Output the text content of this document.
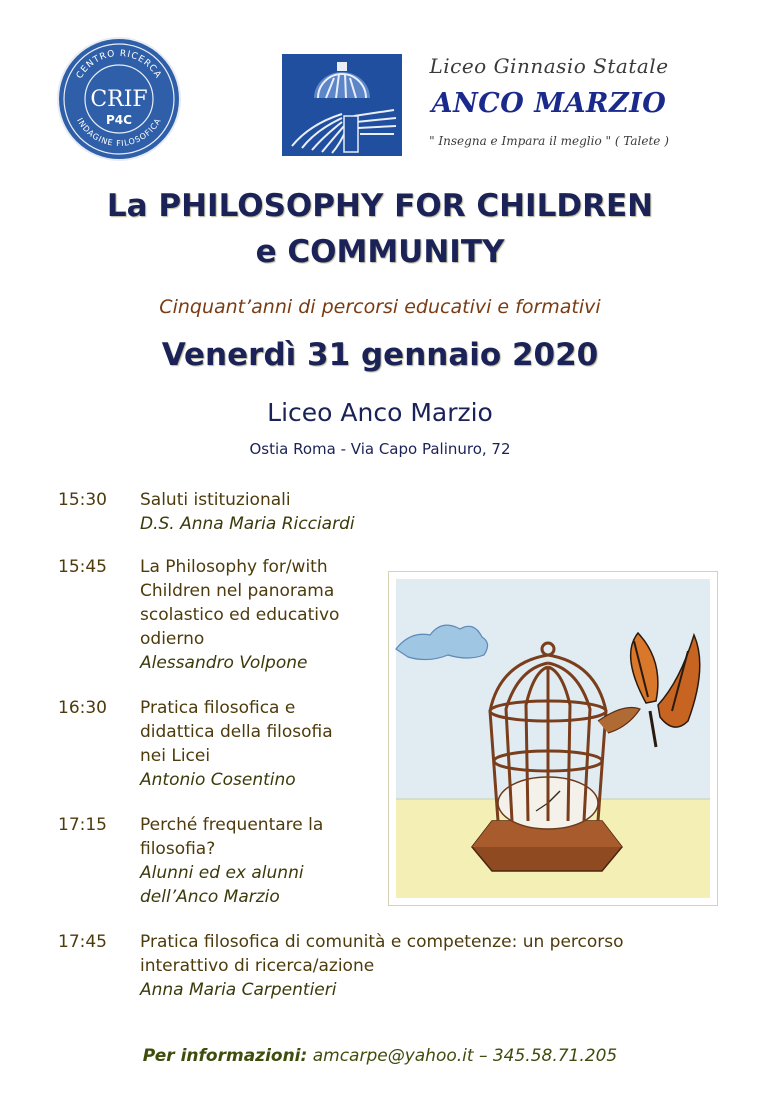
CENTRO RICERCA
INDAGINE FILOSOFICA
CRIF
P4C
Liceo Ginnasio Statale
ANCO MARZIO
" Insegna e Impara il meglio " ( Talete )
La PHILOSOPHY FOR CHILDREN
e COMMUNITY
Cinquant’anni di percorsi educativi e formativi
Venerdì 31 gennaio 2020
Liceo Anco Marzio
Ostia Roma - Via Capo Palinuro, 72
15:30	Saluti istituzionali
D.S. Anna Maria Ricciardi
15:45	La Philosophy for/with
Children nel panorama
scolastico ed educativo
odierno
Alessandro Volpone
16:30	Pratica filosofica e
didattica della filosofia
nei Licei
Antonio Cosentino
17:15	Perché frequentare la
filosofia?
Alunni ed ex alunni
dell’Anco Marzio
17:45	Pratica filosofica di comunità e competenze: un percorso
interattivo di ricerca/azione
Anna Maria Carpentieri
Per informazioni: amcarpe@yahoo.it – 345.58.71.205
